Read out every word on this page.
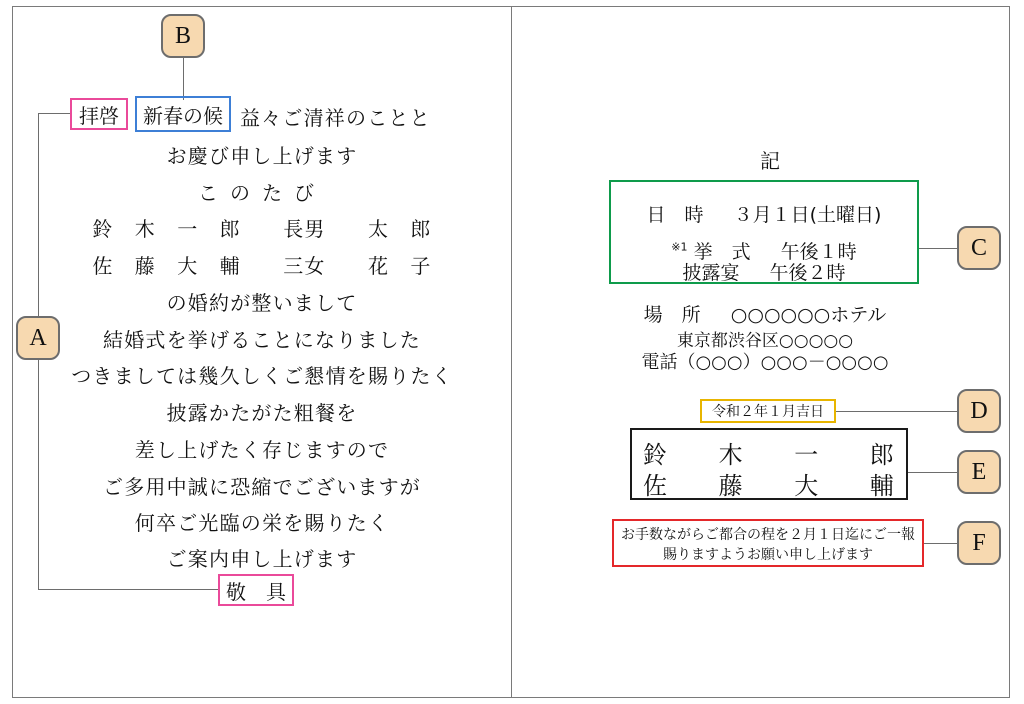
B
拝啓	新春の候 益々ご清祥のことと
お慶び申し上げます
このたび
鈴　木　一　郎　　長男　　太　郎
佐　藤　大　輔　　三女　　花　子
の婚約が整いまして
結婚式を挙げることになりました
つきましては幾久しくご懇情を賜りたく
披露かたがた粗餐を
差し上げたく存じますので
ご多用中誠に恐縮でございますが
何卒ご光臨の栄を賜りたく
ご案内申し上げます
敬　具
A
記
日　時 ３月１日(土曜日)
$^{※1}$ 挙　式 午後１時
披露宴 午後２時
C
場　所 ○○○○○○ホテル
東京都渋谷区○○○○○
電話（○○○）○○○－○○○○
令和２年１月吉日	D
鈴　　木　　一　　郎
佐　　藤　　大　　輔
E
お手数ながらご都合の程を２月１日迄にご一報
賜りますようお願い申し上げます	F
